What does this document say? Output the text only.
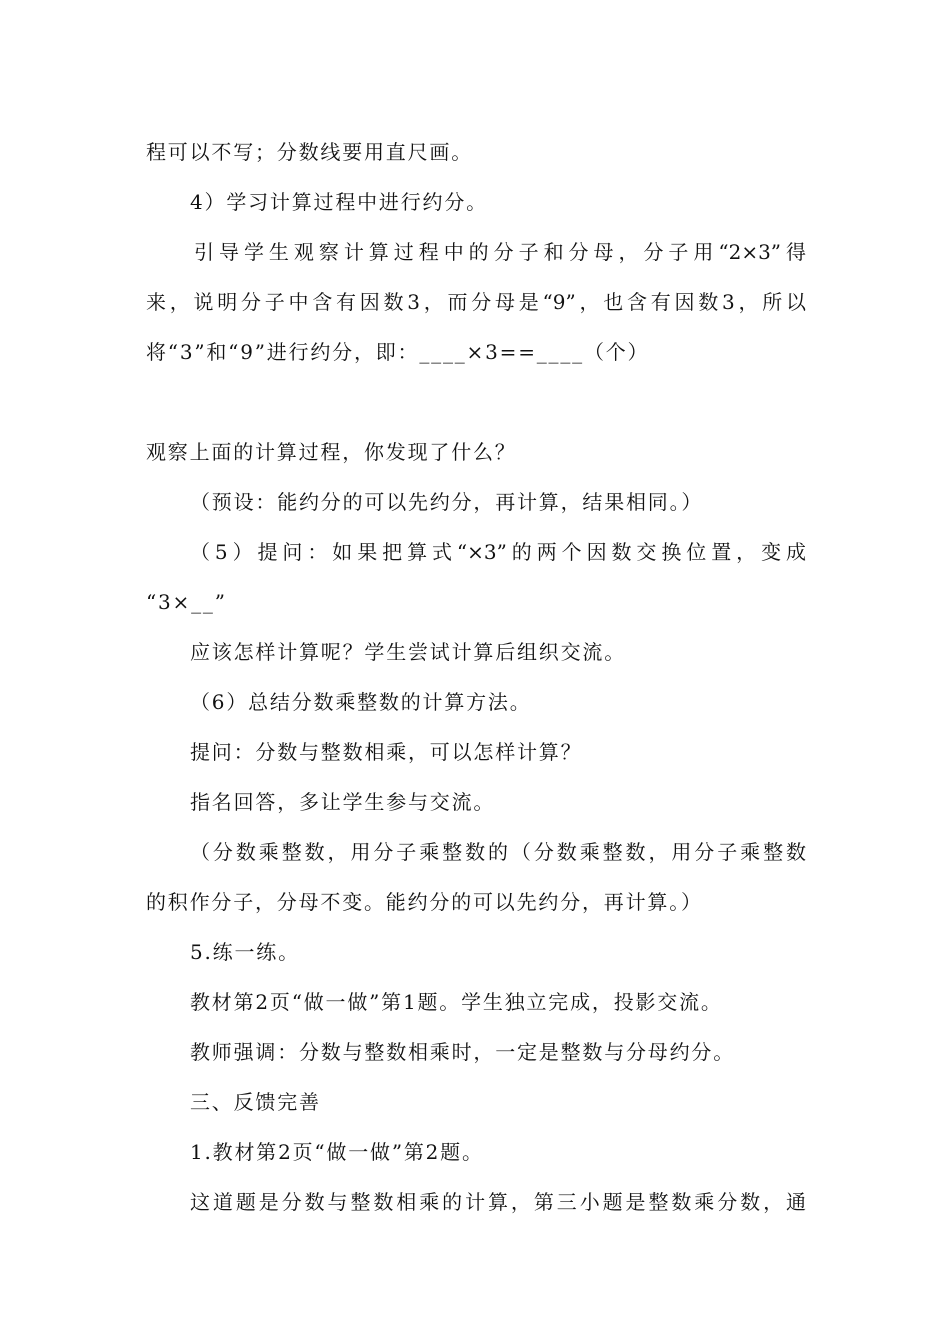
程可以不写；分数线要用直尺画。
4）学习计算过程中进行约分。
引导学生观察计算过程中的分子和分母，分子用“2×3”得
来，说明分子中含有因数3，而分母是“9”，也含有因数3，所以
将“3”和“9”进行约分，即：____×3==____（个）
观察上面的计算过程，你发现了什么？
（预设：能约分的可以先约分，再计算，结果相同。）
（5）提问：如果把算式“×3”的两个因数交换位置，变成
“3×__”
应该怎样计算呢？学生尝试计算后组织交流。
（6）总结分数乘整数的计算方法。
提问：分数与整数相乘，可以怎样计算？
指名回答，多让学生参与交流。
（分数乘整数，用分子乘整数的（分数乘整数，用分子乘整数
的积作分子，分母不变。能约分的可以先约分，再计算。）
5.练一练。
教材第2页“做一做”第1题。学生独立完成，投影交流。
教师强调：分数与整数相乘时，一定是整数与分母约分。
三、反馈完善
1.教材第2页“做一做”第2题。
这道题是分数与整数相乘的计算，第三小题是整数乘分数，通
